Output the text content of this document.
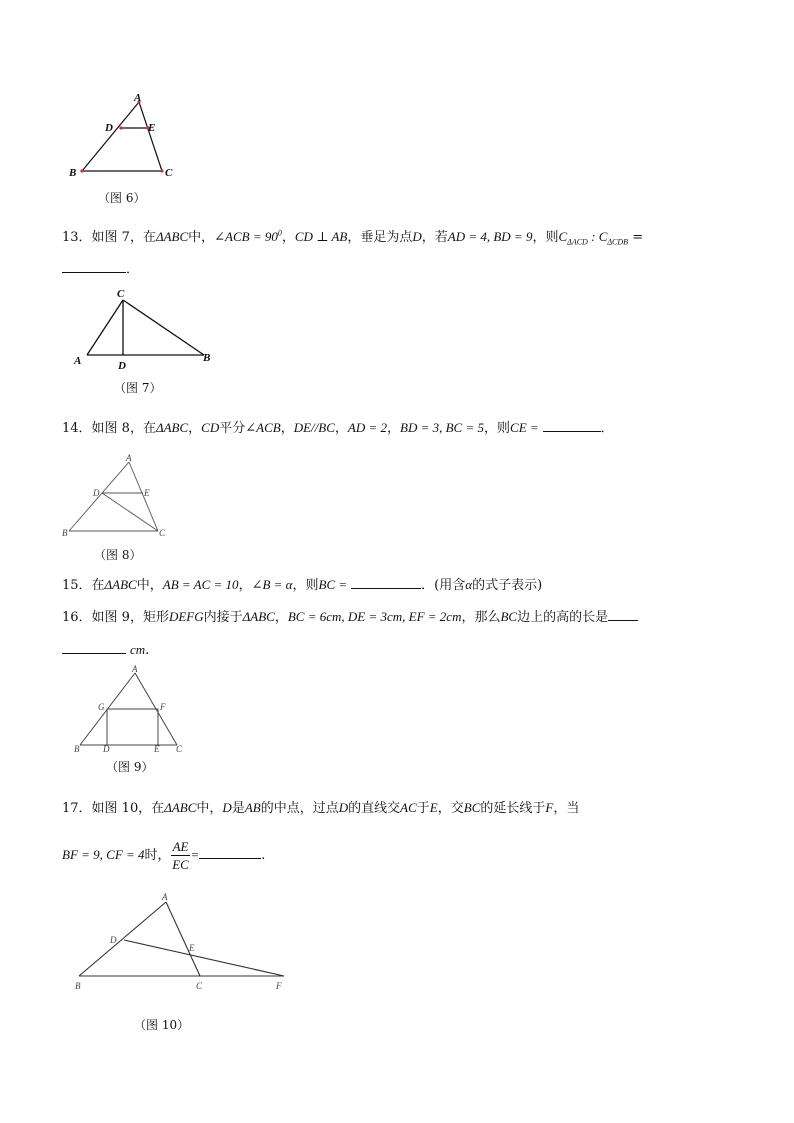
A
D	E
B	C
（图 6）
13．如图 7，在ΔABC中，∠ACB = $90^0$，CD ⊥ AB，垂足为点D，若AD = 4, BD = 9，则$C_{\Delta ACD}$ : $C_{\Delta CDB}$ =
．
C
A	D
B
（图 7）
14．如图 8，在ΔABC，CD平分∠ACB，DE//BC，AD = 2，BD = 3, BC = 5，则CE =	．
A
D	E
B	C
（图 8）
15．在ΔABC中，AB = AC = 10，∠B = α，则BC =	．(用含α的式子表示)
16．如图 9，矩形DEFG内接于ΔABC，BC = 6cm, DE = 3cm, EF = 2cm，那么BC边上的高的长是
cm.
A
G	F
B	D	E C
（图 9）
17．如图 10，在ΔABC中，D是AB的中点，过点D的直线交AC于E，交BC的延长线于F，当
BF = 9, CF = 4时， $\frac{AE}{EC}$ =	.
A
D
E
B	C	F
（图 10）
